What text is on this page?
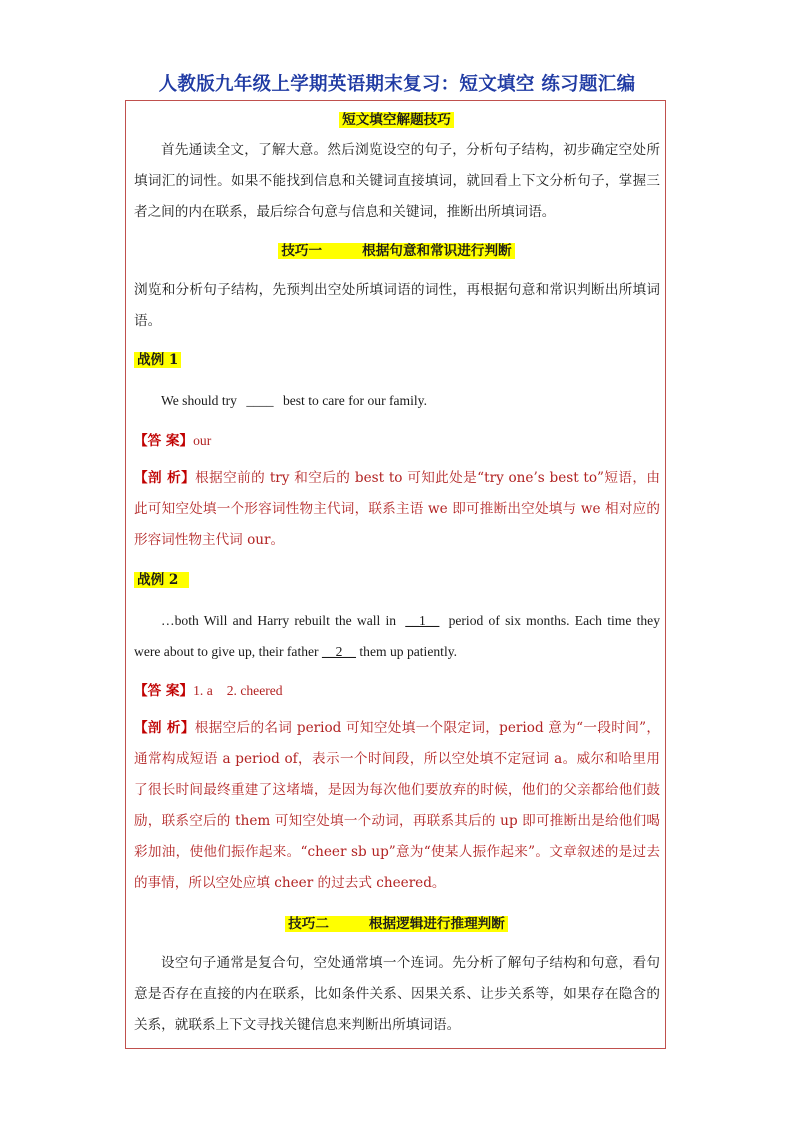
人教版九年级上学期英语期末复习：短文填空 练习题汇编
短文填空解题技巧
首先通读全文，了解大意。然后浏览设空的句子，分析句子结构，初步确定空处所填词汇的词性。如果不能找到信息和关键词直接填词，就回看上下文分析句子，掌握三者之间的内在联系，最后综合句意与信息和关键词，推断出所填词语。
技巧一	根据句意和常识进行判断
浏览和分析句子结构，先预判出空处所填词语的词性，再根据句意和常识判断出所填词语。
战例 1
We should try ____ best to care for our family.
【答 案】our
【剖 析】根据空前的 try 和空后的 best to 可知此处是“try one’s best to”短语，由此可知空处填一个形容词性物主代词，联系主语 we 即可推断出空处填与 we 相对应的形容词性物主代词 our。
战例 2
…both Will and Harry rebuilt the wall in __1__ period of six months. Each time they were about to give up, their father __2__ them up patiently.
【答 案】1. a 2. cheered
【剖 析】根据空后的名词 period 可知空处填一个限定词，period 意为“一段时间”，通常构成短语 a period of，表示一个时间段，所以空处填不定冠词 a。威尔和哈里用了很长时间最终重建了这堵墙，是因为每次他们要放弃的时候，他们的父亲都给他们鼓励，联系空后的 them 可知空处填一个动词，再联系其后的 up 即可推断出是给他们喝彩加油，使他们振作起来。“cheer sb up”意为“使某人振作起来”。文章叙述的是过去的事情，所以空处应填 cheer 的过去式 cheered。
技巧二	根据逻辑进行推理判断
设空句子通常是复合句，空处通常填一个连词。先分析了解句子结构和句意，看句意是否存在直接的内在联系，比如条件关系、因果关系、让步关系等，如果存在隐含的关系，就联系上下文寻找关键信息来判断出所填词语。
